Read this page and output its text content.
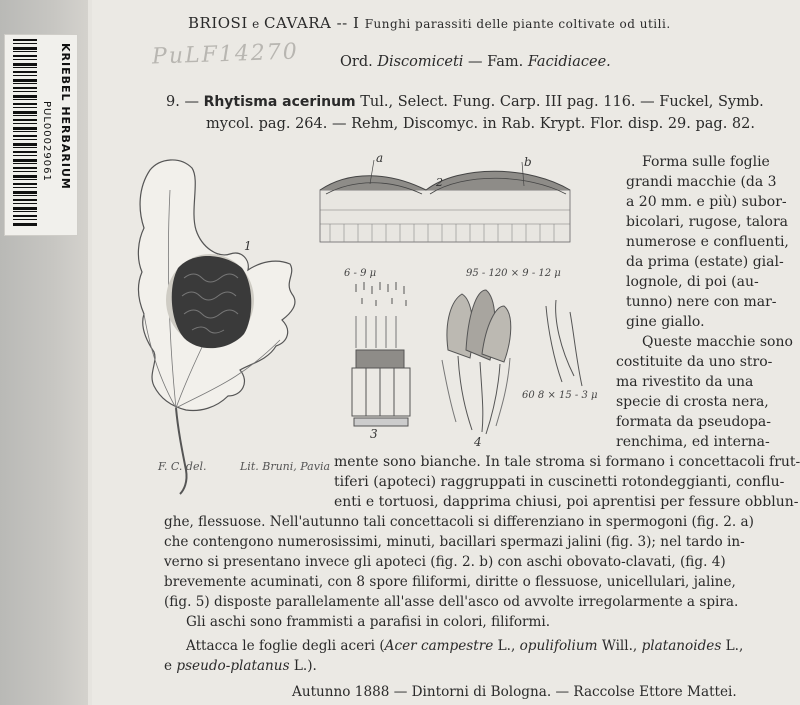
KRIEBEL HERBARIUM
PUL00029061
PuLF14270
BRIOSI e CAVARA -- I Funghi parassiti delle piante coltivate od utili.
Ord. Discomiceti — Fam. Facidiacee.
9. — Rhytisma acerinum Tul., Select. Fung. Carp. III pag. 116. — Fuckel, Symb.
mycol. pag. 264. — Rehm, Discomyc. in Rab. Krypt. Flor. disp. 29. pag. 82.
1
a	b
2
3
6 - 9 μ
4
95 - 120 × 9 - 12 μ
60 8 × 15 - 3 μ
F. C. del.	Lit. Bruni, Pavia
Forma sulle foglie
grandi macchie (da 3
a 20 mm. e più) subor-
bicolari, rugose, talora
numerose e confluenti,
da prima (estate) gial-
lognole, di poi (au-
tunno) nere con mar-
gine giallo.
Queste macchie sono
costituite da uno stro-
ma rivestito da una
specie di crosta nera,
formata da pseudopa-
renchima, ed interna-
mente sono bianche. In tale stroma si formano i concettacoli frut-
tiferi (apoteci) raggruppati in cuscinetti rotondeggianti, conflu-
enti e tortuosi, dapprima chiusi, poi aprentisi per fessure obblun-
ghe, flessuose. Nell'autunno tali concettacoli si differenziano in spermogoni (fig. 2. a)
che contengono numerosissimi, minuti, bacillari spermazi jalini (fig. 3); nel tardo in-
verno si presentano invece gli apoteci (fig. 2. b) con aschi obovato-clavati, (fig. 4)
brevemente acuminati, con 8 spore filiformi, diritte o flessuose, unicellulari, jaline,
(fig. 5) disposte parallelamente all'asse dell'asco od avvolte irregolarmente a spira.
Gli aschi sono frammisti a parafisi in colori, filiformi.
Attacca le foglie degli aceri (Acer campestre L., opulifolium Will., platanoides L.,
e pseudo-platanus L.).
Autunno 1888 — Dintorni di Bologna. — Raccolse Ettore Mattei.
